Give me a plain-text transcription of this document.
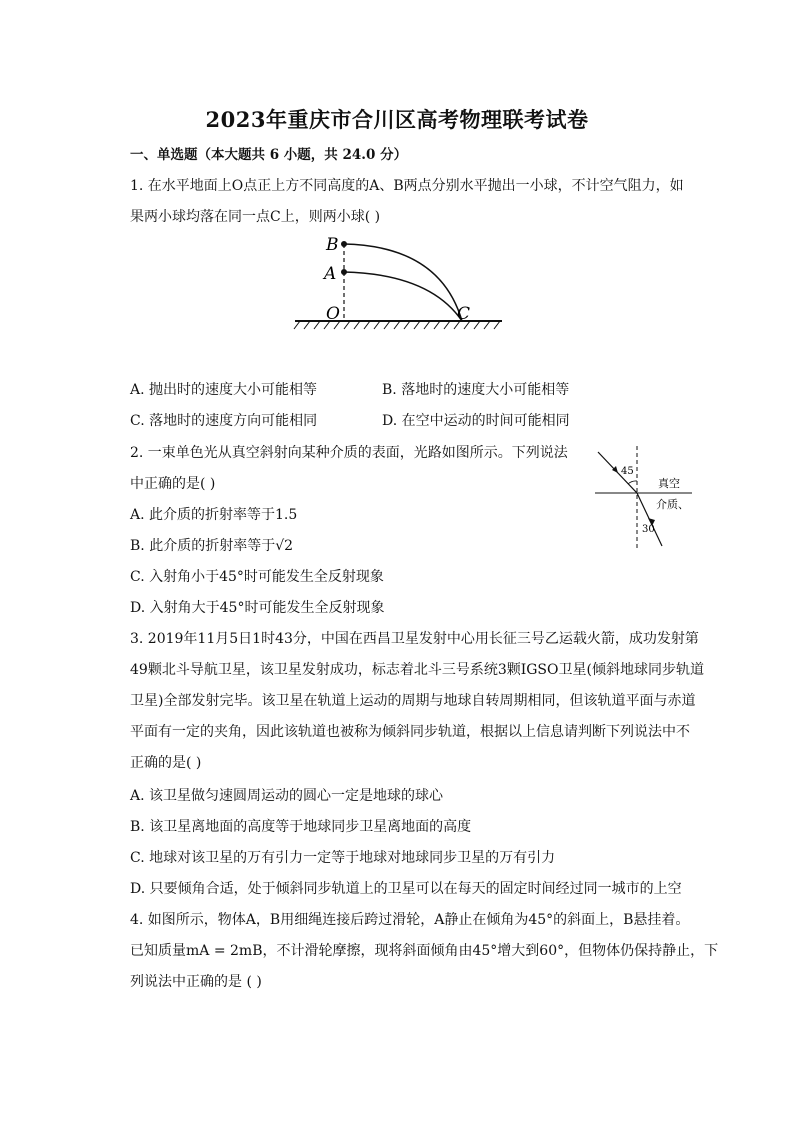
2023年重庆市合川区高考物理联考试卷
一、单选题（本大题共 6 小题，共 24.0 分）
1. 在水平地面上O点正上方不同高度的A、B两点分别水平抛出一小球，不计空气阻力，如
果两小球均落在同一点C上，则两小球( )
B
A
O	C
A. 抛出时的速度大小可能相等	B. 落地时的速度大小可能相等
C. 落地时的速度方向可能相同	D. 在空中运动的时间可能相同
2. 一束单色光从真空斜射向某种介质的表面，光路如图所示。下列说法
中正确的是( )
45
30
真空
介质、
A. 此介质的折射率等于1.5
B. 此介质的折射率等于√2
C. 入射角小于45°时可能发生全反射现象
D. 入射角大于45°时可能发生全反射现象
3. 2019年11月5日1时43分，中国在西昌卫星发射中心用长征三号乙运载火箭，成功发射第
49颗北斗导航卫星，该卫星发射成功，标志着北斗三号系统3颗IGSO卫星(倾斜地球同步轨道
卫星)全部发射完毕。该卫星在轨道上运动的周期与地球自转周期相同，但该轨道平面与赤道
平面有一定的夹角，因此该轨道也被称为倾斜同步轨道，根据以上信息请判断下列说法中不
正确的是( )
A. 该卫星做匀速圆周运动的圆心一定是地球的球心
B. 该卫星离地面的高度等于地球同步卫星离地面的高度
C. 地球对该卫星的万有引力一定等于地球对地球同步卫星的万有引力
D. 只要倾角合适，处于倾斜同步轨道上的卫星可以在每天的固定时间经过同一城市的上空
4. 如图所示，物体A，B用细绳连接后跨过滑轮，A静止在倾角为45°的斜面上，B悬挂着。
已知质量mA = 2mB，不计滑轮摩擦，现将斜面倾角由45°增大到60°，但物体仍保持静止，下
列说法中正确的是 ( )
